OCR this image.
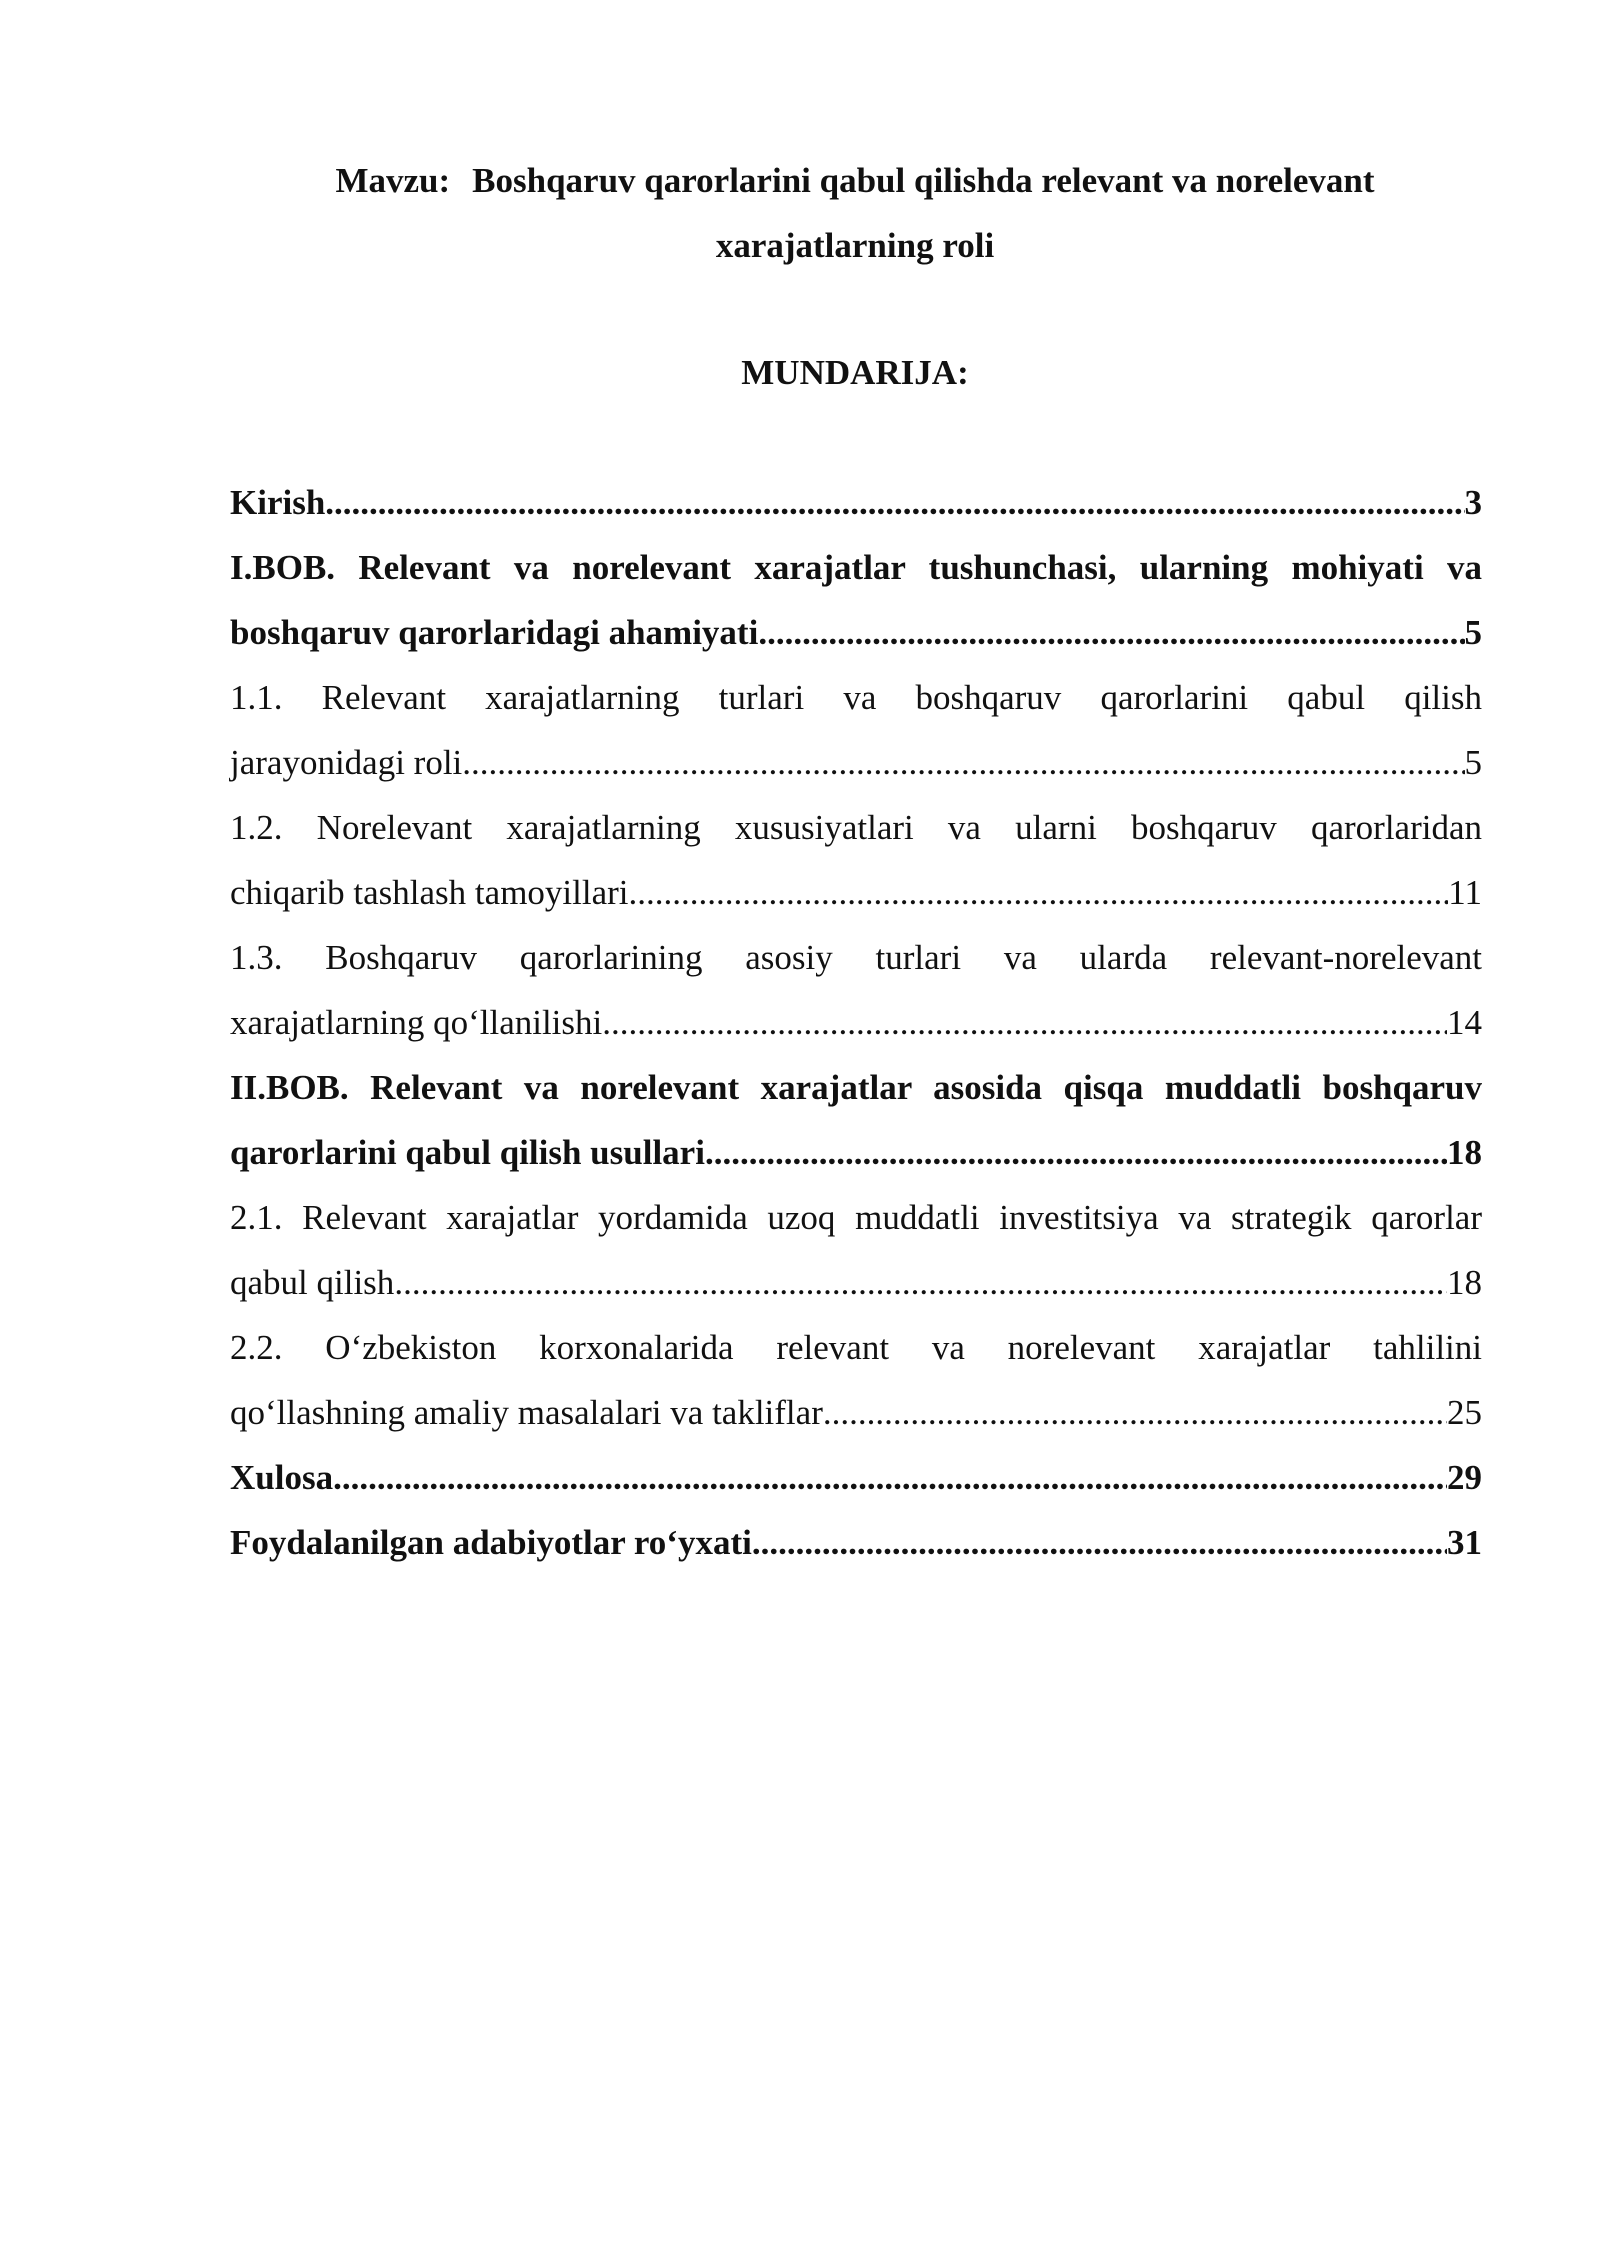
Mavzu: Boshqaruv qarorlarini qabul qilishda relevant va norelevant
xarajatlarning roli
MUNDARIJA:
Kirish .....	3
I.BOB. Relevant va norelevant xarajatlar tushunchasi, ularning mohiyati va
boshqaruv qarorlaridagi ahamiyati .....	5
1.1. Relevant xarajatlarning turlari va boshqaruv qarorlarini qabul qilish
jarayonidagi roli .....	5
1.2. Norelevant xarajatlarning xususiyatlari va ularni boshqaruv qarorlaridan
chiqarib tashlash tamoyillari .....	11
1.3. Boshqaruv qarorlarining asosiy turlari va ularda relevant-norelevant
xarajatlarning qo‘llanilishi .....	14
II.BOB. Relevant va norelevant xarajatlar asosida qisqa muddatli boshqaruv
qarorlarini qabul qilish usullari .....	18
2.1. Relevant xarajatlar yordamida uzoq muddatli investitsiya va strategik qarorlar
qabul qilish .....	18
2.2. O‘zbekiston korxonalarida relevant va norelevant xarajatlar tahlilini
qo‘llashning amaliy masalalari va takliflar .....	25
Xulosa .....	29
Foydalanilgan adabiyotlar ro‘yxati .....	31
